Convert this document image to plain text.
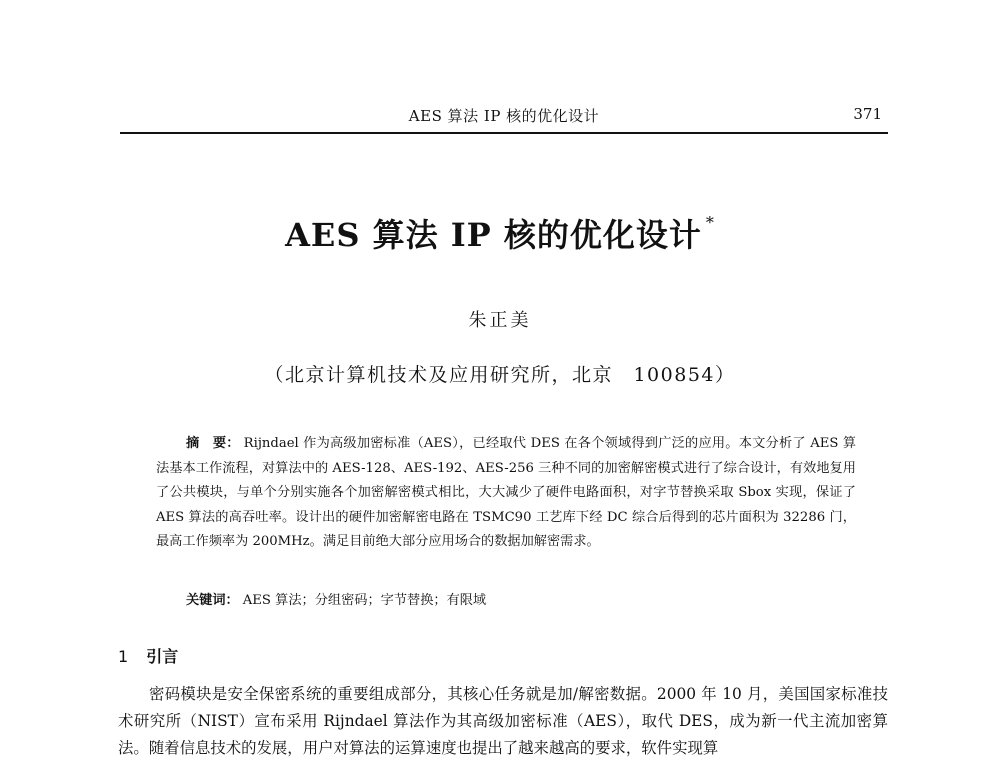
AES 算法 IP 核的优化设计	371
AES 算法 IP 核的优化设计 *
朱正美
（北京计算机技术及应用研究所，北京　100854）
摘　要： Rijndael 作为高级加密标准（AES），已经取代 DES 在各个领域得到广泛的应用。本文分析了 AES 算法基本工作流程，对算法中的 AES-128、AES-192、AES-256 三种不同的加密解密模式进行了综合设计，有效地复用了公共模块，与单个分别实施各个加密解密模式相比，大大减少了硬件电路面积，对字节替换采取 Sbox 实现，保证了 AES 算法的高吞吐率。设计出的硬件加密解密电路在 TSMC90 工艺库下经 DC 综合后得到的芯片面积为 32286 门，最高工作频率为 200MHz。满足目前绝大部分应用场合的数据加解密需求。
关键词： AES 算法；分组密码；字节替换；有限域
1 引言
密码模块是安全保密系统的重要组成部分，其核心任务就是加/解密数据。2000 年 10 月，美国国家标准技术研究所（NIST）宣布采用 Rijndael 算法作为其高级加密标准（AES），取代 DES，成为新一代主流加密算法。随着信息技术的发展，用户对算法的运算速度也提出了越来越高的要求，软件实现算
